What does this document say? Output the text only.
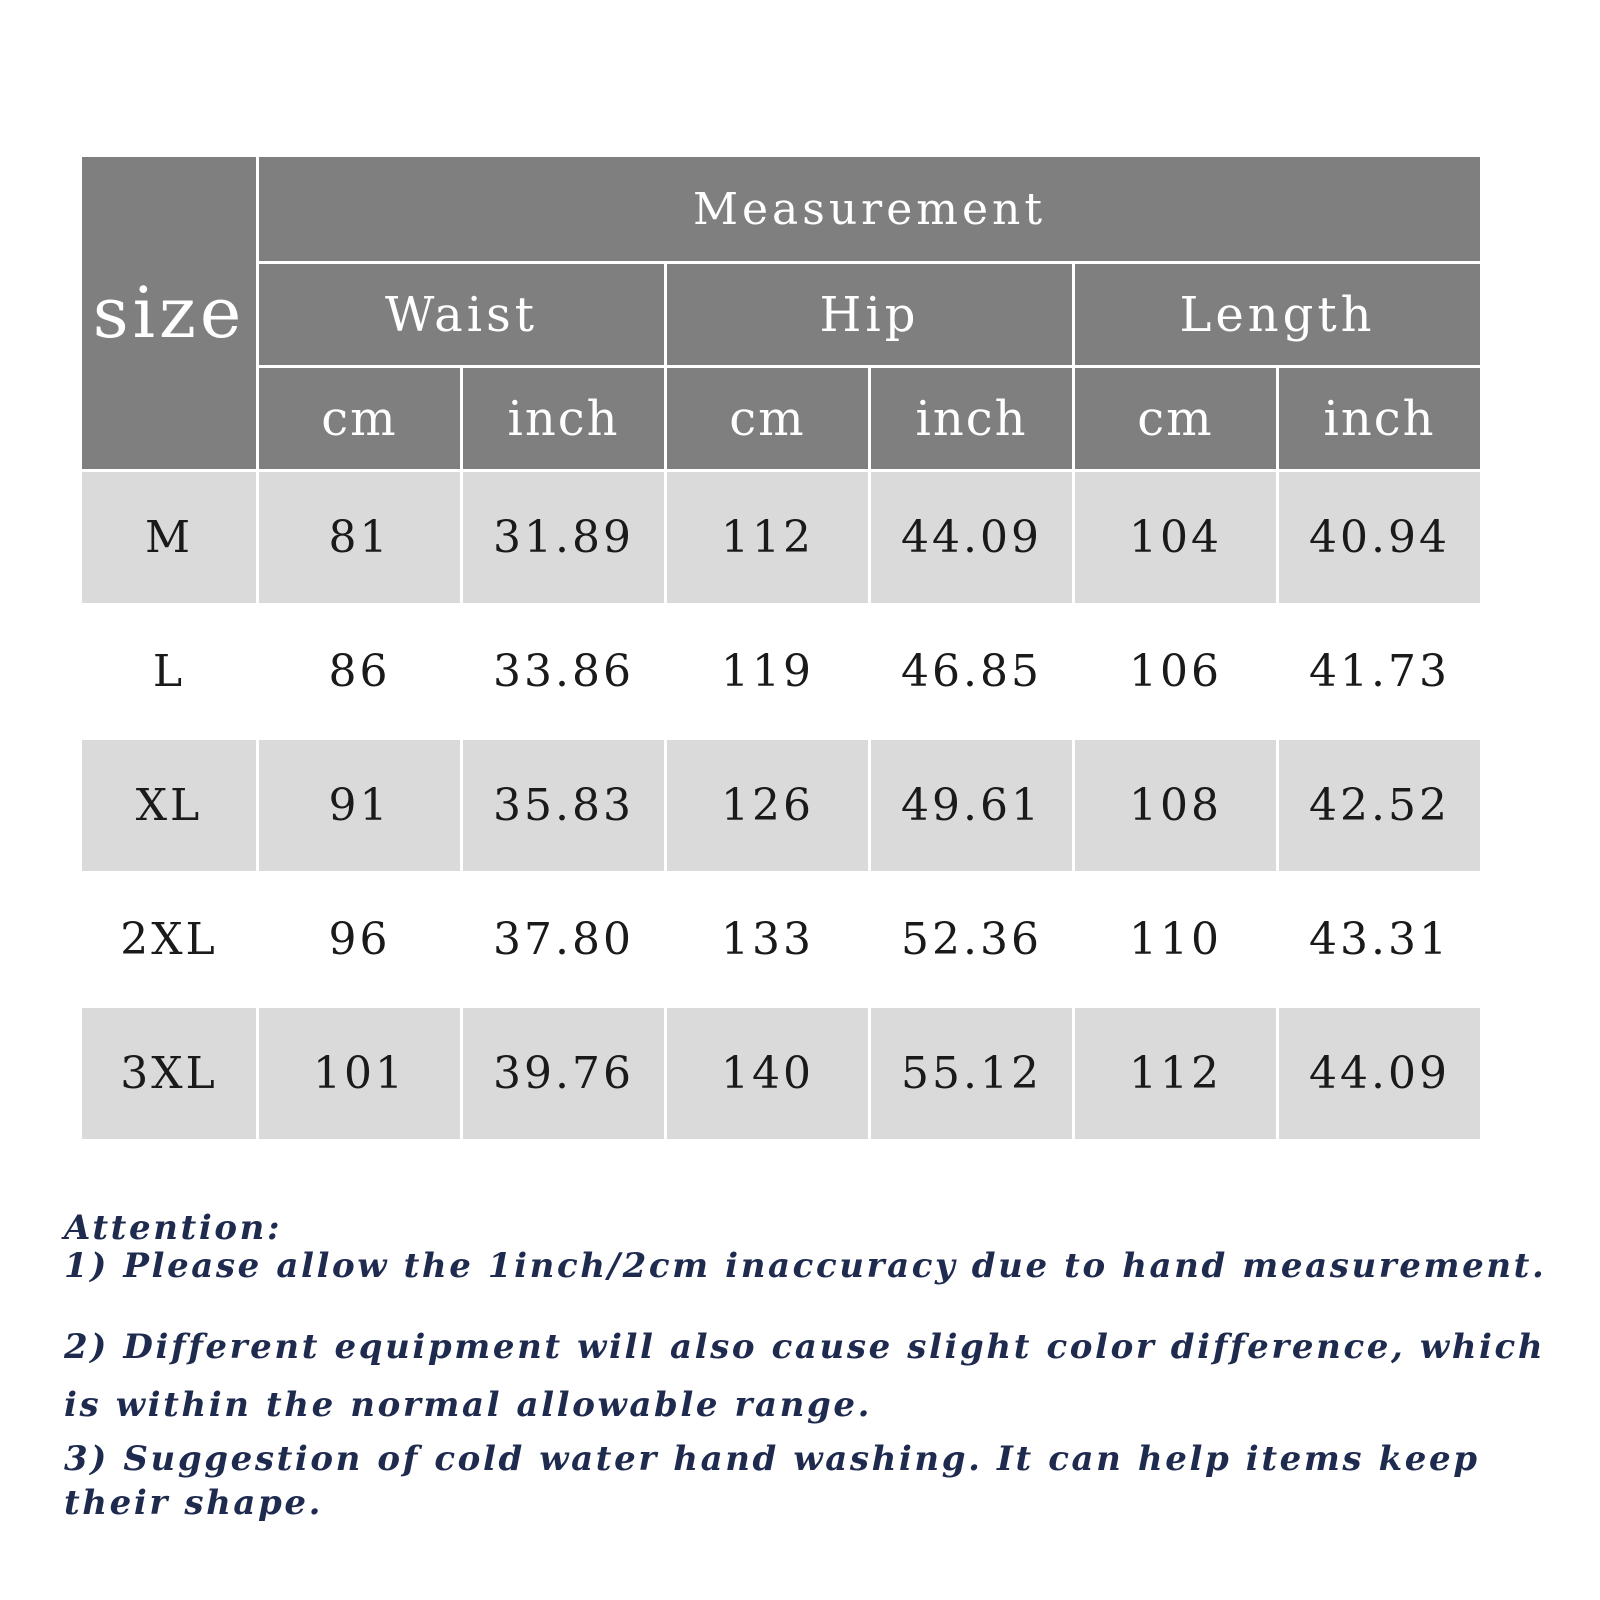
size	Measurement					
	Waist		Hip		Length	
	cm	inch	cm	inch	cm	inch
M	81	31.89	112	44.09	104	40.94
L	86	33.86	119	46.85	106	41.73
XL	91	35.83	126	49.61	108	42.52
2XL	96	37.80	133	52.36	110	43.31
3XL	101	39.76	140	55.12	112	44.09
Attention:
1) Please allow the 1inch/2cm inaccuracy due to hand measurement.
2) Different equipment will also cause slight color difference, which is within the normal allowable range.
3) Suggestion of cold water hand washing. It can help items keep their shape.
